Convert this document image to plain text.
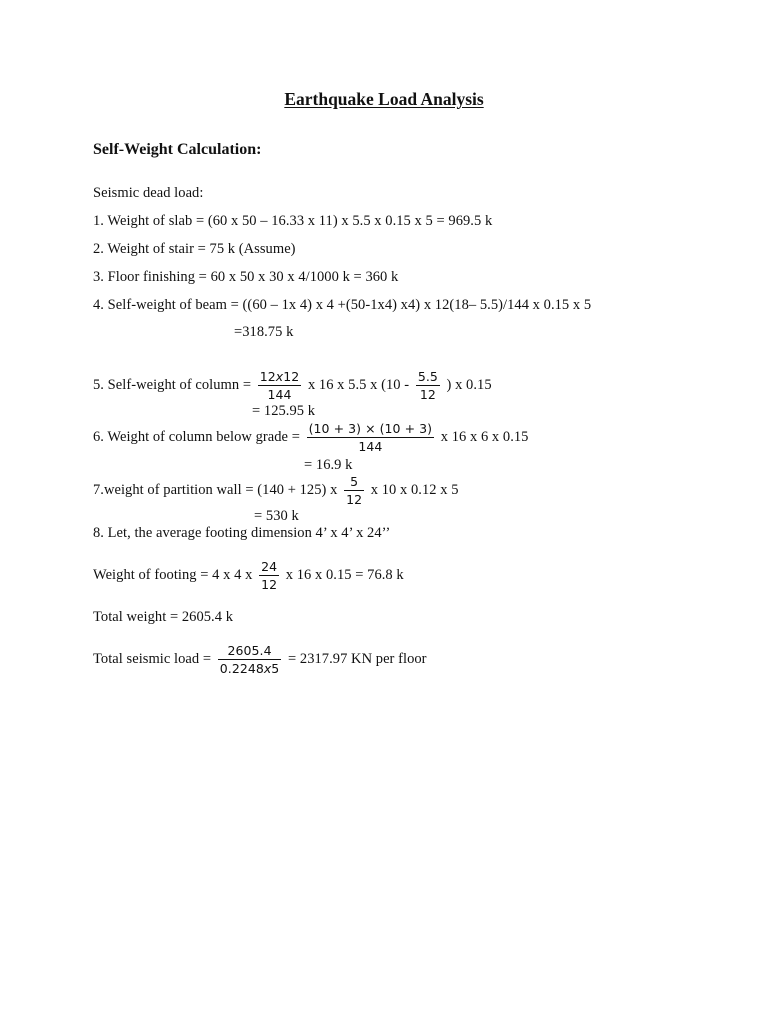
Earthquake Load Analysis
Self-Weight Calculation:
Seismic dead load:
1. Weight of slab = (60 x 50 – 16.33 x 11) x 5.5 x 0.15 x 5 = 969.5 k
2. Weight of stair = 75 k (Assume)
3. Floor finishing = 60 x 50 x 30 x 4/1000 k = 360 k
4. Self-weight of beam = ((60 – 1x 4) x 4 +(50-1x4) x4) x 12(18– 5.5)/144 x 0.15 x 5
=318.75 k
5. Self-weight of column = $\frac{12x12}{144}$ x 16 x 5.5 x ($10 - \frac{5.5}{12}$ ) x 0.15
= 125.95 k
6. Weight of column below grade = $\frac{(10 + 3) \times (10 + 3)}{144}$ x 16 x 6 x 0.15
= 16.9 k
7.weight of partition wall = (140 + 125) x $\frac{5}{12}$ x 10 x 0.12 x 5
= 530 k
8. Let, the average footing dimension 4’ x 4’ x 24’’
Weight of footing = 4 x 4 x $\frac{24}{12}$ x 16 x 0.15 = 76.8 k
Total weight = 2605.4 k
Total seismic load = $\frac{2605.4}{0.2248x5} = 2317.97$ KN per floor
